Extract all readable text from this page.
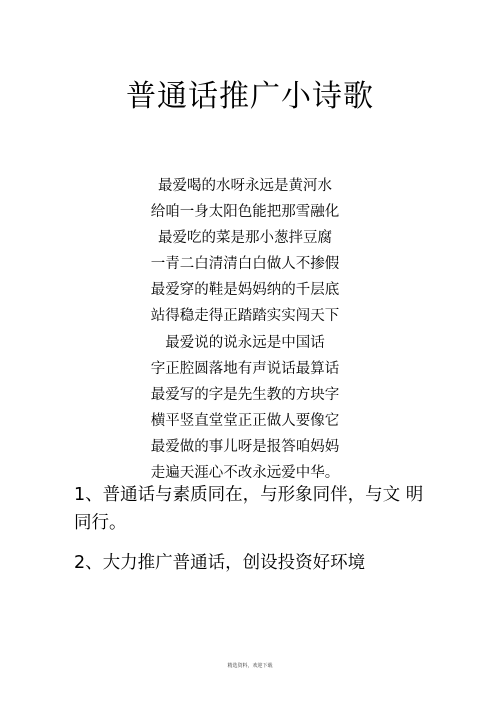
普通话推广小诗歌
最爱喝的水呀永远是黄河水
给咱一身太阳色能把那雪融化
最爱吃的菜是那小葱拌豆腐
一青二白清清白白做人不掺假
最爱穿的鞋是妈妈纳的千层底
站得稳走得正踏踏实实闯天下
最爱说的说永远是中国话
字正腔圆落地有声说话最算话
最爱写的字是先生教的方块字
横平竖直堂堂正正做人要像它
最爱做的事儿呀是报答咱妈妈
走遍天涯心不改永远爱中华。

1、普通话与素质同在，与形象同伴，与文 明同行。

2、大力推广普通话，创设投资好环境

精选资料，欢迎下载
